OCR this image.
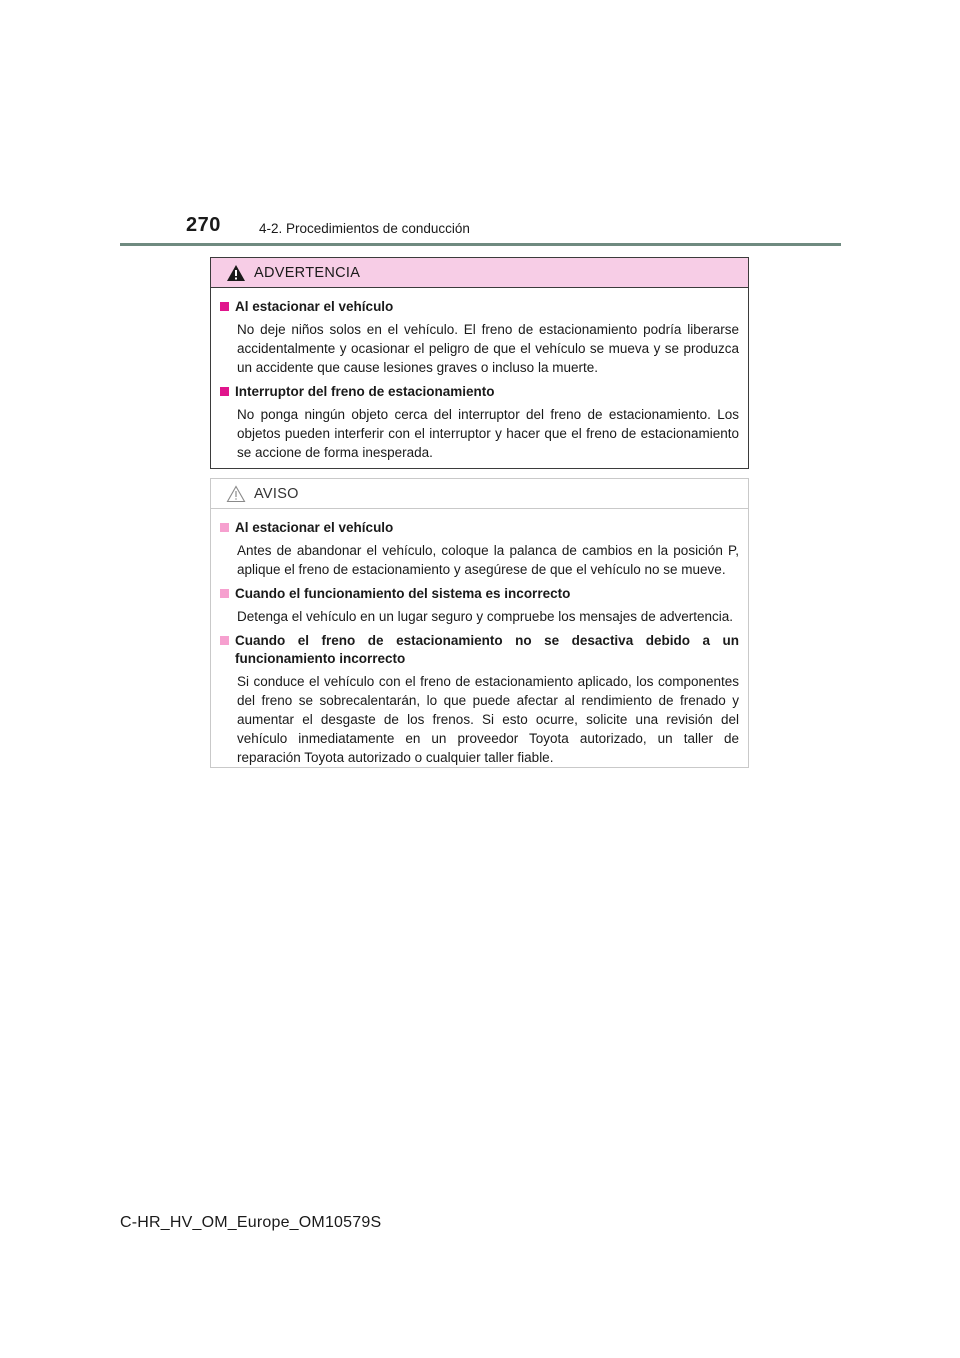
270	4-2. Procedimientos de conducción
ADVERTENCIA
Al estacionar el vehículo
No deje niños solos en el vehículo. El freno de estacionamiento podría liberarse accidentalmente y ocasionar el peligro de que el vehículo se mueva y se produzca un accidente que cause lesiones graves o incluso la muerte.
Interruptor del freno de estacionamiento
No ponga ningún objeto cerca del interruptor del freno de estacionamiento. Los objetos pueden interferir con el interruptor y hacer que el freno de estacionamiento se accione de forma inesperada.
AVISO
Al estacionar el vehículo
Antes de abandonar el vehículo, coloque la palanca de cambios en la posición P, aplique el freno de estacionamiento y asegúrese de que el vehículo no se mueve.
Cuando el funcionamiento del sistema es incorrecto
Detenga el vehículo en un lugar seguro y compruebe los mensajes de advertencia.
Cuando el freno de estacionamiento no se desactiva debido a un
funcionamiento incorrecto
Si conduce el vehículo con el freno de estacionamiento aplicado, los componentes del freno se sobrecalentarán, lo que puede afectar al rendimiento de frenado y aumentar el desgaste de los frenos. Si esto ocurre, solicite una revisión del vehículo inmediatamente en un proveedor Toyota autorizado, un taller de reparación Toyota autorizado o cualquier taller fiable.
C-HR_HV_OM_Europe_OM10579S
